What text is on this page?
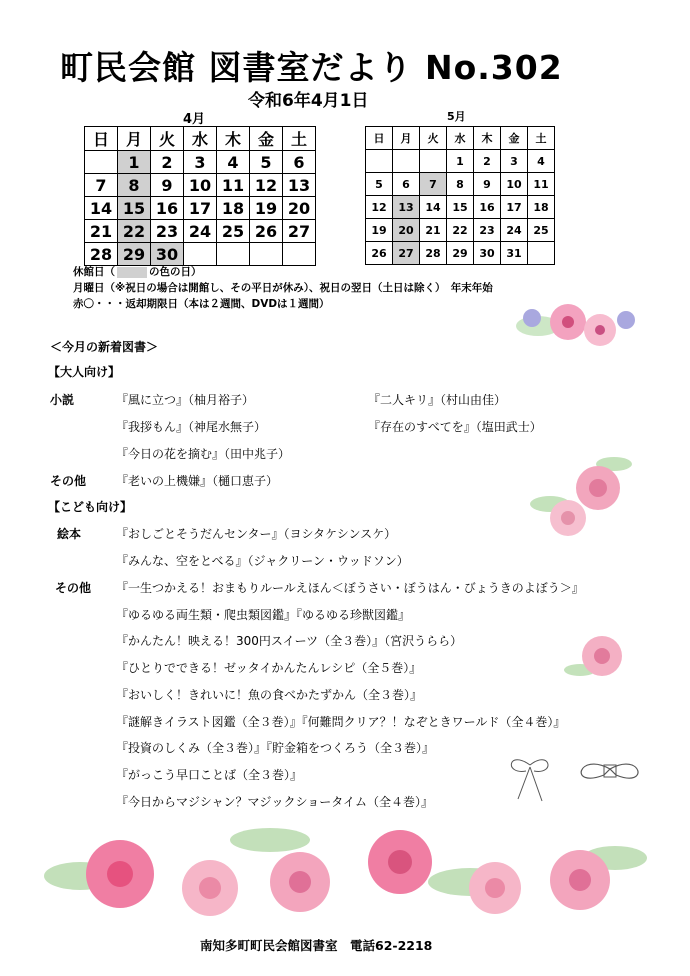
町民会館 図書室だより No.302
令和6年4月1日
4月
日	月	火	水	木	金	土
	1	2	3	4	5	6
7	8	9	10	11	12	13
14	15	16	17	18	19	20
21	22	23	24	25	26	27
28	29	30				
5月
日	月	火	水	木	金	土
			1	2	3	4
5	6	7	8	9	10	11
12	13	14	15	16	17	18
19	20	21	22	23	24	25
26	27	28	29	30	31	
休館日（	の色の日）
月曜日（※祝日の場合は開館し、その平日が休み）、祝日の翌日（土日は除く）　年末年始
赤〇・・・返却期限日（本は２週間、DVDは１週間）
＜今月の新着図書＞
【大人向け】
小説	『風に立つ』（柚月裕子）
『我拶もん』（神尾水無子）
『今日の花を摘む』（田中兆子）
『二人キリ』（村山由佳）
『存在のすべてを』（塩田武士）
その他 『老いの上機嫌』（樋口恵子）
【こども向け】
絵本	『おしごとそうだんセンター』（ヨシタケシンスケ）
『みんな、空をとべる』（ジャクリーン・ウッドソン）
その他 『一生つかえる！おまもりルールえほん＜ぼうさい・ぼうはん・びょうきのよぼう＞』
『ゆるゆる両生類・爬虫類図鑑』『ゆるゆる珍獣図鑑』
『かんたん！映える！300円スイーツ（全３巻）』（宮沢うらら）
『ひとりでできる！ゼッタイかんたんレシピ（全５巻）』
『おいしく！きれいに！魚の食べかたずかん（全３巻）』
『謎解きイラスト図鑑（全３巻）』『何難問クリア？！なぞときワールド（全４巻）』
『投資のしくみ（全３巻）』『貯金箱をつくろう（全３巻）』
『がっこう早口ことば（全３巻）』
『今日からマジシャン？マジックショータイム（全４巻）』
南知多町町民会館図書室　電話62-2218
